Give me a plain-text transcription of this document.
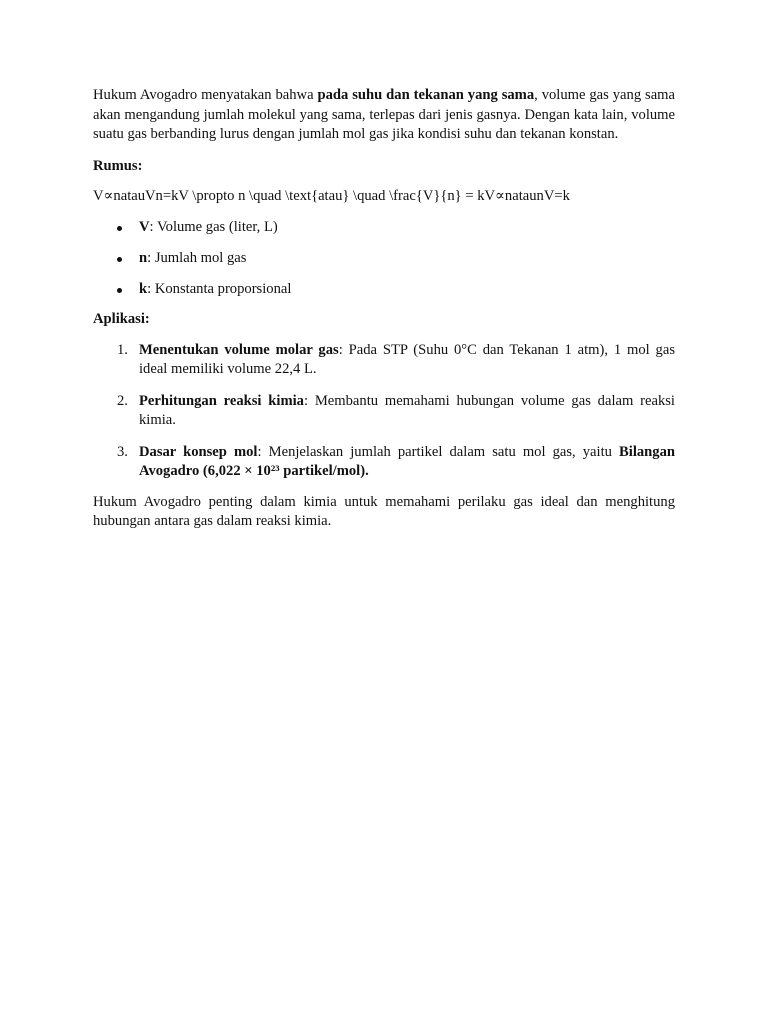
Hukum Avogadro menyatakan bahwa pada suhu dan tekanan yang sama, volume gas yang sama akan mengandung jumlah molekul yang sama, terlepas dari jenis gasnya. Dengan kata lain, volume suatu gas berbanding lurus dengan jumlah mol gas jika kondisi suhu dan tekanan konstan.

Rumus:

V∝natauVn=kV \propto n \quad \text{atau} \quad \frac{V}{n} = kV∝nataunV=k

V: Volume gas (liter, L)
n: Jumlah mol gas
k: Konstanta proporsional

Aplikasi:

1. Menentukan volume molar gas: Pada STP (Suhu 0°C dan Tekanan 1 atm), 1 mol gas ideal memiliki volume 22,4 L.
2. Perhitungan reaksi kimia: Membantu memahami hubungan volume gas dalam reaksi kimia.
3. Dasar konsep mol: Menjelaskan jumlah partikel dalam satu mol gas, yaitu Bilangan Avogadro (6,022 × 10²³ partikel/mol).

Hukum Avogadro penting dalam kimia untuk memahami perilaku gas ideal dan menghitung hubungan antara gas dalam reaksi kimia.
